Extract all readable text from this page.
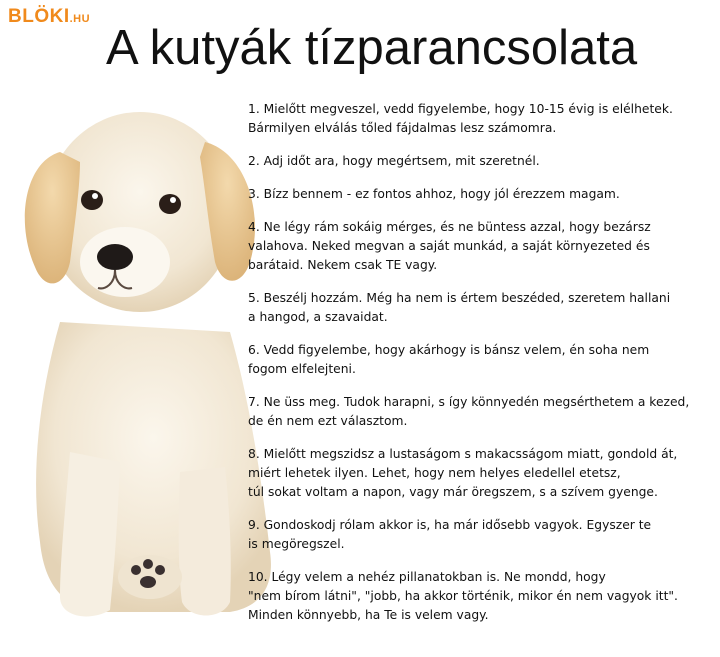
BLÖKI.HU
A kutyák tízparancsolata
1. Mielőtt megveszel, vedd figyelembe, hogy 10-15 évig is elélhetek.
Bármilyen elválás tőled fájdalmas lesz számomra.
2. Adj időt ara, hogy megértsem, mit szeretnél.
3. Bízz bennem - ez fontos ahhoz, hogy jól érezzem magam.
4. Ne légy rám sokáig mérges, és ne büntess azzal, hogy bezársz
valahova. Neked megvan a saját munkád, a saját környezeted és
barátaid. Nekem csak TE vagy.
5. Beszélj hozzám. Még ha nem is értem beszéded, szeretem hallani
a hangod, a szavaidat.
6. Vedd figyelembe, hogy akárhogy is bánsz velem, én soha nem
fogom elfelejteni.
7. Ne üss meg. Tudok harapni, s így könnyedén megsérthetem a kezed,
de én nem ezt választom.
8. Mielőtt megszidsz a lustaságom s makacsságom miatt, gondold át,
miért lehetek ilyen. Lehet, hogy nem helyes eledellel etetsz,
túl sokat voltam a napon, vagy már öregszem, s a szívem gyenge.
9. Gondoskodj rólam akkor is, ha már idősebb vagyok. Egyszer te
is megöregszel.
10. Légy velem a nehéz pillanatokban is. Ne mondd, hogy
"nem bírom látni", "jobb, ha akkor történik, mikor én nem vagyok itt".
Minden könnyebb, ha Te is velem vagy.
